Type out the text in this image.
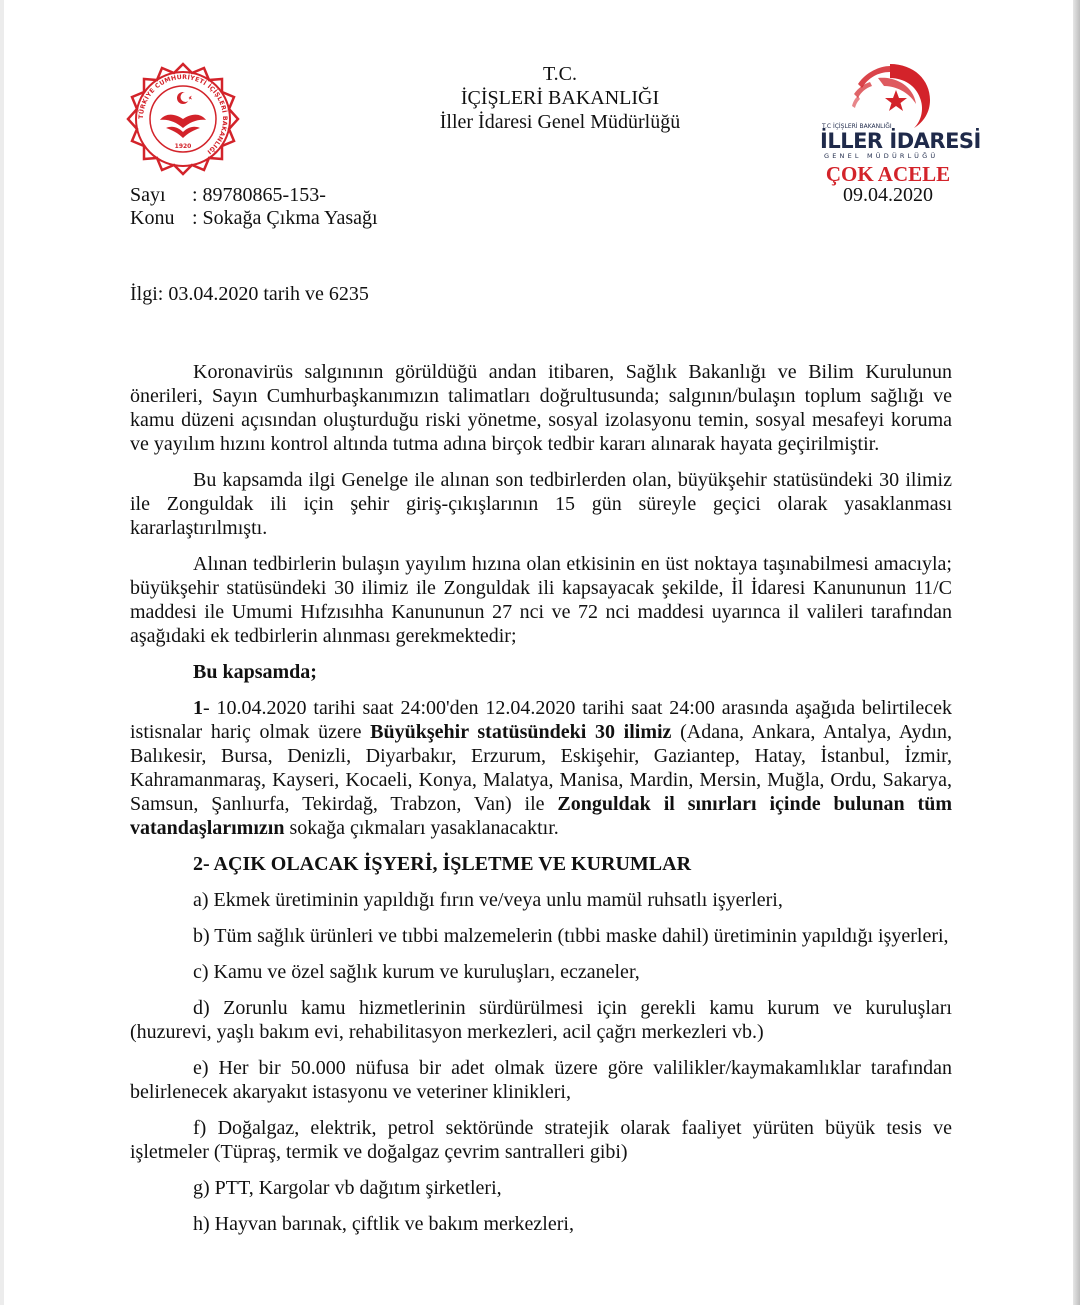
TÜRKİYE CUMHURİYETİ İÇİŞLERİ BAKANLIĞI
1920
T.C.
İÇİŞLERİ BAKANLIĞI
İller İdaresi Genel Müdürlüğü	T.C İÇİŞLERİ BAKANLIĞI
İLLER İDARESİ
GENEL MÜDÜRLÜĞÜ
ÇOK ACELE
09.04.2020
Sayı : 89780865-153-
Konu : Sokağa Çıkma Yasağı
İlgi: 03.04.2020 tarih ve 6235

Koronavirüs salgınının görüldüğü andan itibaren, Sağlık Bakanlığı ve Bilim Kurulunun önerileri, Sayın Cumhurbaşkanımızın talimatları doğrultusunda; salgının/bulaşın toplum sağlığı ve kamu düzeni açısından oluşturduğu riski yönetme, sosyal izolasyonu temin, sosyal mesafeyi koruma ve yayılım hızını kontrol altında tutma adına birçok tedbir kararı alınarak hayata geçirilmiştir.

Bu kapsamda ilgi Genelge ile alınan son tedbirlerden olan, büyükşehir statüsündeki 30 ilimiz ile Zonguldak ili için şehir giriş-çıkışlarının 15 gün süreyle geçici olarak yasaklanması kararlaştırılmıştı.

Alınan tedbirlerin bulaşın yayılım hızına olan etkisinin en üst noktaya taşınabilmesi amacıyla; büyükşehir statüsündeki 30 ilimiz ile Zonguldak ili kapsayacak şekilde, İl İdaresi Kanununun 11/C maddesi ile Umumi Hıfzısıhha Kanununun 27 nci ve 72 nci maddesi uyarınca il valileri tarafından aşağıdaki ek tedbirlerin alınması gerekmektedir;

Bu kapsamda;

1- 10.04.2020 tarihi saat 24:00'den 12.04.2020 tarihi saat 24:00 arasında aşağıda belirtilecek istisnalar hariç olmak üzere Büyükşehir statüsündeki 30 ilimiz (Adana, Ankara, Antalya, Aydın, Balıkesir, Bursa, Denizli, Diyarbakır, Erzurum, Eskişehir, Gaziantep, Hatay, İstanbul, İzmir, Kahramanmaraş, Kayseri, Kocaeli, Konya, Malatya, Manisa, Mardin, Mersin, Muğla, Ordu, Sakarya, Samsun, Şanlıurfa, Tekirdağ, Trabzon, Van) ile Zonguldak il sınırları içinde bulunan tüm vatandaşlarımızın sokağa çıkmaları yasaklanacaktır.

2- AÇIK OLACAK İŞYERİ, İŞLETME VE KURUMLAR

a) Ekmek üretiminin yapıldığı fırın ve/veya unlu mamül ruhsatlı işyerleri,

b) Tüm sağlık ürünleri ve tıbbi malzemelerin (tıbbi maske dahil) üretiminin yapıldığı işyerleri,

c) Kamu ve özel sağlık kurum ve kuruluşları, eczaneler,

d) Zorunlu kamu hizmetlerinin sürdürülmesi için gerekli kamu kurum ve kuruluşları (huzurevi, yaşlı bakım evi, rehabilitasyon merkezleri, acil çağrı merkezleri vb.)

e) Her bir 50.000 nüfusa bir adet olmak üzere göre valilikler/kaymakamlıklar tarafından belirlenecek akaryakıt istasyonu ve veteriner klinikleri,

f) Doğalgaz, elektrik, petrol sektöründe stratejik olarak faaliyet yürüten büyük tesis ve işletmeler (Tüpraş, termik ve doğalgaz çevrim santralleri gibi)

g) PTT, Kargolar vb dağıtım şirketleri,

h) Hayvan barınak, çiftlik ve bakım merkezleri,
